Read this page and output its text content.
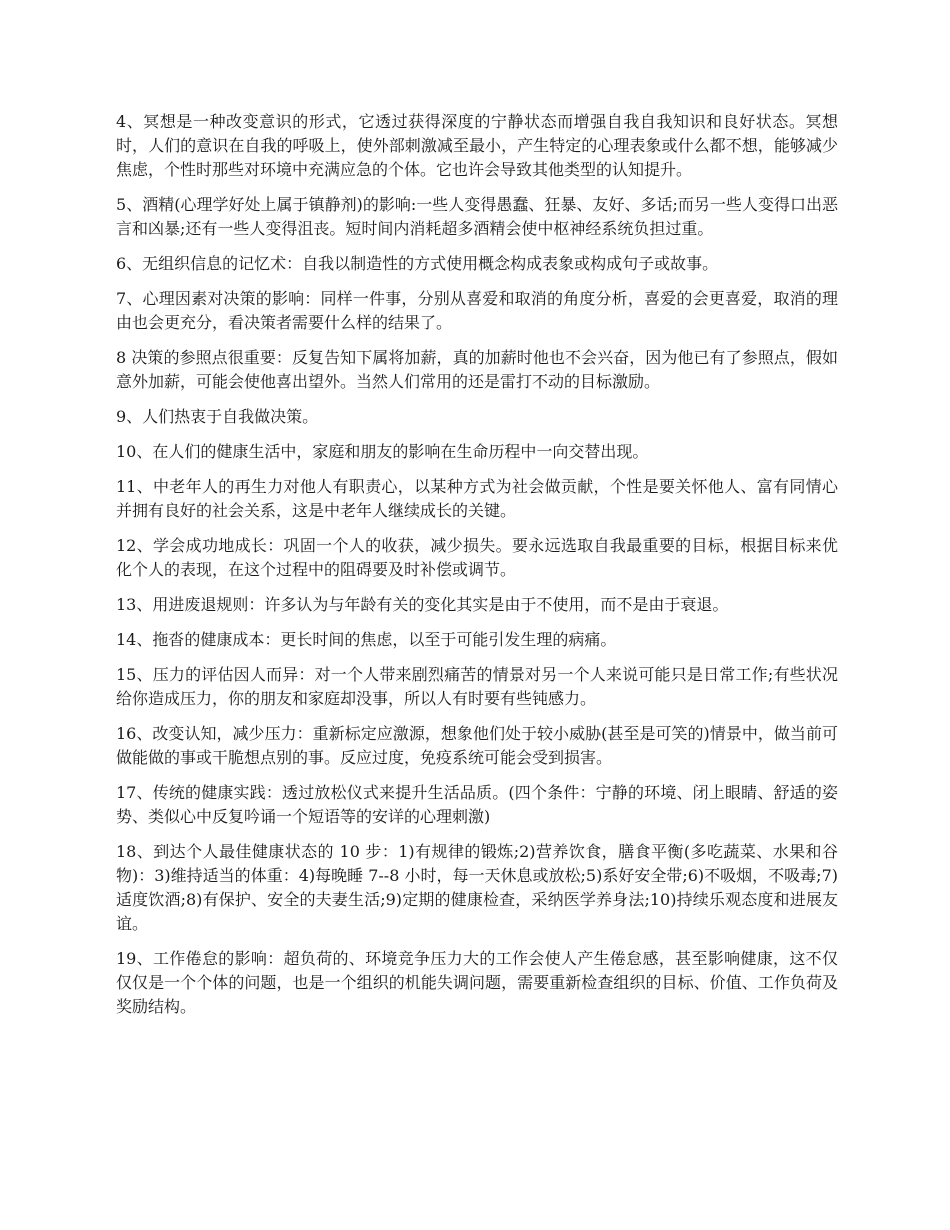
4、冥想是一种改变意识的形式，它透过获得深度的宁静状态而增强自我自我知识和良好状态。冥想时，人们的意识在自我的呼吸上，使外部刺激减至最小，产生特定的心理表象或什么都不想，能够减少焦虑，个性时那些对环境中充满应急的个体。它也许会导致其他类型的认知提升。

5、酒精(心理学好处上属于镇静剂)的影响:一些人变得愚蠢、狂暴、友好、多话;而另一些人变得口出恶言和凶暴;还有一些人变得沮丧。短时间内消耗超多酒精会使中枢神经系统负担过重。

6、无组织信息的记忆术：自我以制造性的方式使用概念构成表象或构成句子或故事。

7、心理因素对决策的影响：同样一件事，分别从喜爱和取消的角度分析，喜爱的会更喜爱，取消的理由也会更充分，看决策者需要什么样的结果了。

8 决策的参照点很重要：反复告知下属将加薪，真的加薪时他也不会兴奋，因为他已有了参照点，假如意外加薪，可能会使他喜出望外。当然人们常用的还是雷打不动的目标激励。

9、人们热衷于自我做决策。

10、在人们的健康生活中，家庭和朋友的影响在生命历程中一向交替出现。

11、中老年人的再生力对他人有职责心，以某种方式为社会做贡献，个性是要关怀他人、富有同情心并拥有良好的社会关系，这是中老年人继续成长的关键。

12、学会成功地成长：巩固一个人的收获，减少损失。要永远选取自我最重要的目标，根据目标来优化个人的表现，在这个过程中的阻碍要及时补偿或调节。

13、用进废退规则：许多认为与年龄有关的变化其实是由于不使用，而不是由于衰退。

14、拖沓的健康成本：更长时间的焦虑，以至于可能引发生理的病痛。

15、压力的评估因人而异：对一个人带来剧烈痛苦的情景对另一个人来说可能只是日常工作;有些状况给你造成压力，你的朋友和家庭却没事，所以人有时要有些钝感力。

16、改变认知，减少压力：重新标定应激源，想象他们处于较小威胁(甚至是可笑的)情景中，做当前可做能做的事或干脆想点别的事。反应过度，免疫系统可能会受到损害。

17、传统的健康实践：透过放松仪式来提升生活品质。(四个条件：宁静的环境、闭上眼睛、舒适的姿势、类似心中反复吟诵一个短语等的安详的心理刺激)

18、到达个人最佳健康状态的 10 步：1)有规律的锻炼;2)营养饮食，膳食平衡(多吃蔬菜、水果和谷物)：3)维持适当的体重：4)每晚睡 7--8 小时，每一天休息或放松;5)系好安全带;6)不吸烟，不吸毒;7)适度饮酒;8)有保护、安全的夫妻生活;9)定期的健康检查，采纳医学养身法;10)持续乐观态度和进展友谊。

19、工作倦怠的影响：超负荷的、环境竞争压力大的工作会使人产生倦怠感，甚至影响健康，这不仅仅仅是一个个体的问题，也是一个组织的机能失调问题，需要重新检查组织的目标、价值、工作负荷及奖励结构。
